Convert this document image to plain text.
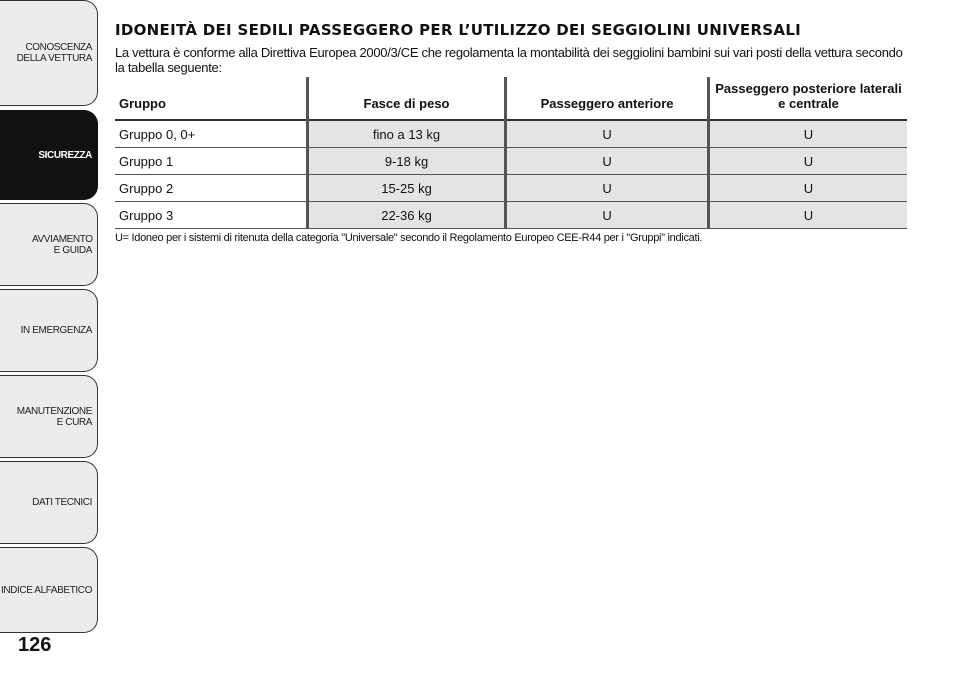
CONOSCENZA DELLA VETTURA
SICUREZZA
AVVIAMENTO E GUIDA
IN EMERGENZA
MANUTENZIONE E CURA
DATI TECNICI
INDICE ALFABETICO
126
IDONEITÀ DEI SEDILI PASSEGGERO PER L’UTILIZZO DEI SEGGIOLINI UNIVERSALI

La vettura è conforme alla Direttiva Europea 2000/3/CE che regolamenta la montabilità dei seggiolini bambini sui vari posti della vettura secondo la tabella seguente:

Gruppo	Fasce di peso	Passeggero anteriore	Passeggero posteriore laterali e centrale
Gruppo 0, 0+	fino a 13 kg	U	U
Gruppo 1	9-18 kg	U	U
Gruppo 2	15-25 kg	U	U
Gruppo 3	22-36 kg	U	U

U= Idoneo per i sistemi di ritenuta della categoria "Universale" secondo il Regolamento Europeo CEE-R44 per i "Gruppi" indicati.
